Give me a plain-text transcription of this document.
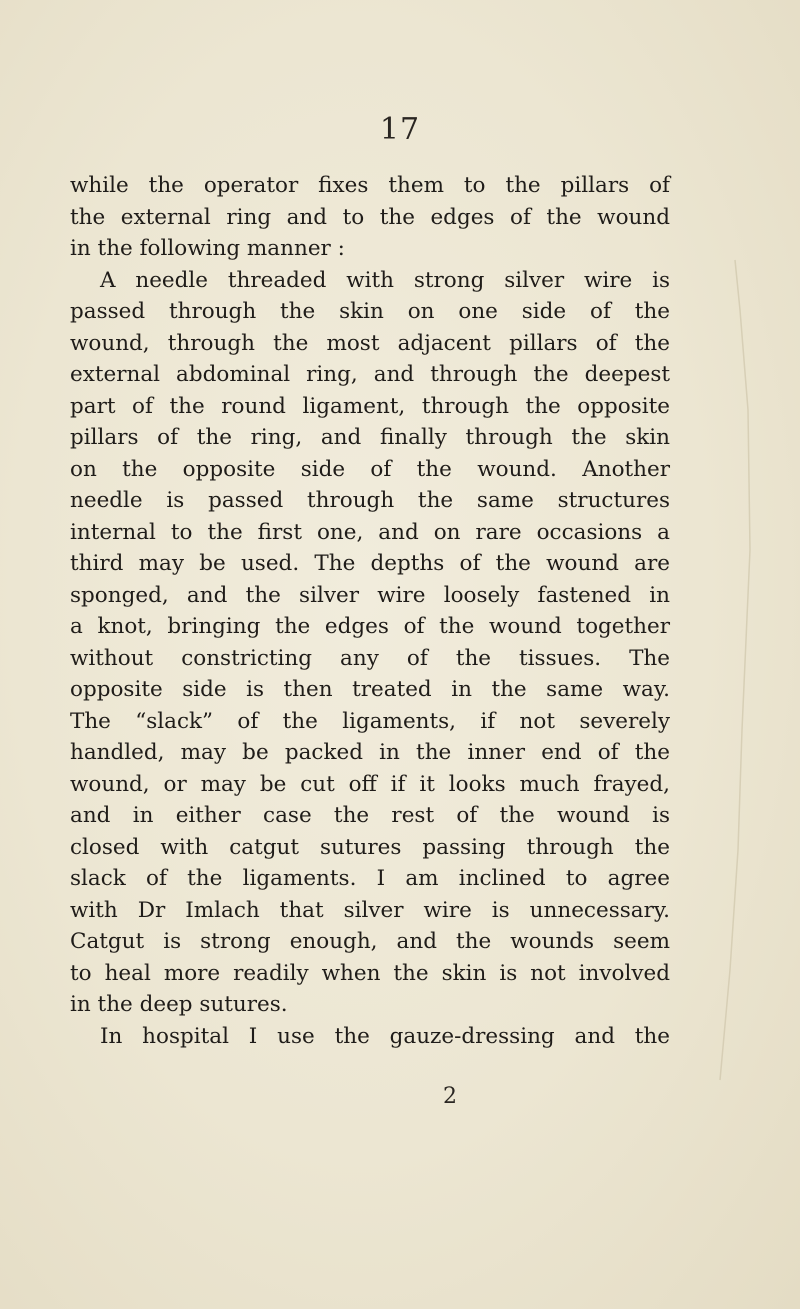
17
while the operator fixes them to the pillars of
the external ring and to the edges of the wound
in the following manner :
A needle threaded with strong silver wire is
passed through the skin on one side of the
wound, through the most adjacent pillars of the
external abdominal ring, and through the deepest
part of the round ligament, through the opposite
pillars of the ring, and finally through the skin
on the opposite side of the wound. Another
needle is passed through the same structures
internal to the first one, and on rare occasions a
third may be used. The depths of the wound are
sponged, and the silver wire loosely fastened in
a knot, bringing the edges of the wound together
without constricting any of the tissues. The
opposite side is then treated in the same way.
The “slack” of the ligaments, if not severely
handled, may be packed in the inner end of the
wound, or may be cut off if it looks much frayed,
and in either case the rest of the wound is
closed with catgut sutures passing through the
slack of the ligaments. I am inclined to agree
with Dr Imlach that silver wire is unnecessary.
Catgut is strong enough, and the wounds seem
to heal more readily when the skin is not involved
in the deep sutures.
In hospital I use the gauze-dressing and the
2
